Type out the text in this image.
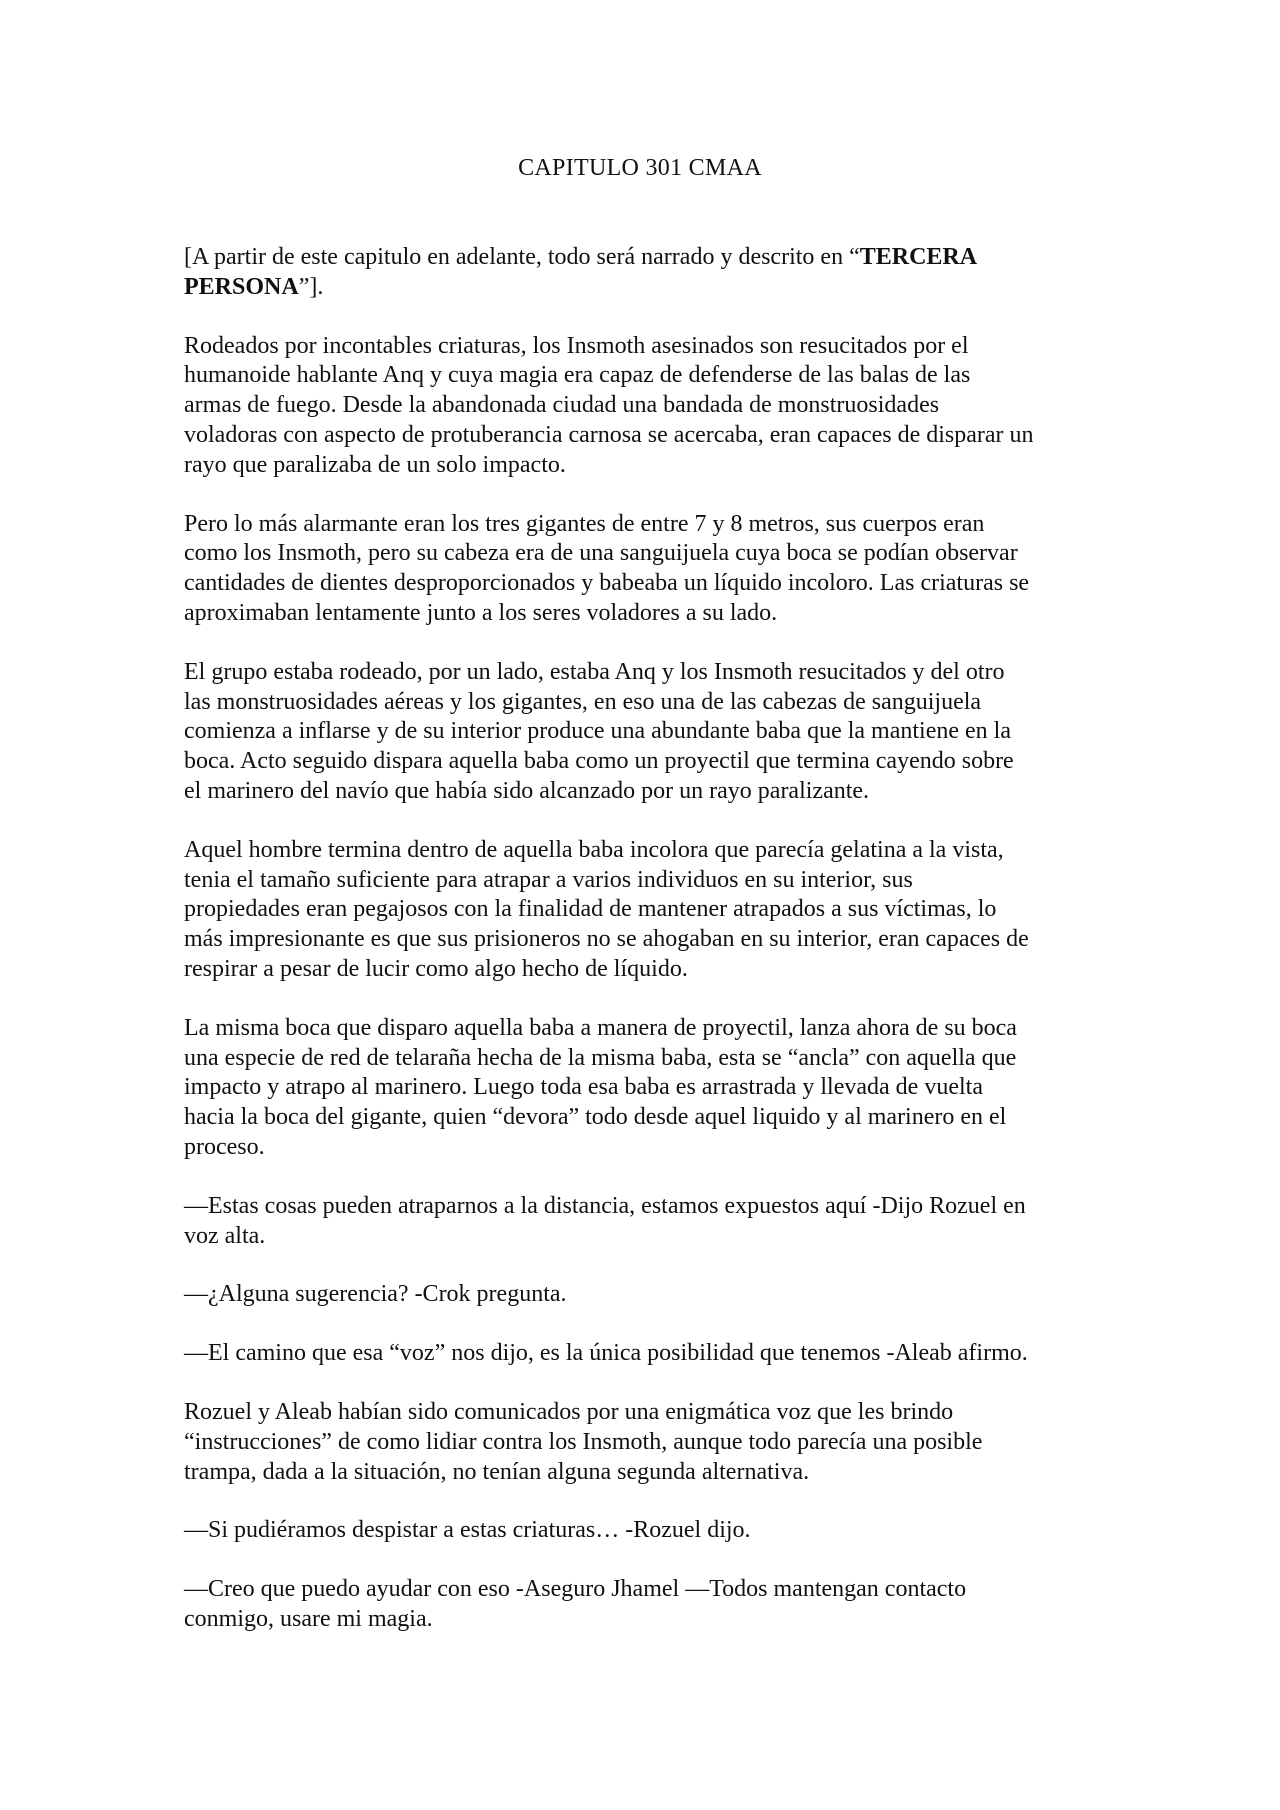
CAPITULO 301 CMAA

[A partir de este capitulo en adelante, todo será narrado y descrito en “TERCERA
PERSONA”].

Rodeados por incontables criaturas, los Insmoth asesinados son resucitados por el
humanoide hablante Anq y cuya magia era capaz de defenderse de las balas de las
armas de fuego. Desde la abandonada ciudad una bandada de monstruosidades
voladoras con aspecto de protuberancia carnosa se acercaba, eran capaces de disparar un
rayo que paralizaba de un solo impacto.

Pero lo más alarmante eran los tres gigantes de entre 7 y 8 metros, sus cuerpos eran
como los Insmoth, pero su cabeza era de una sanguijuela cuya boca se podían observar
cantidades de dientes desproporcionados y babeaba un líquido incoloro. Las criaturas se
aproximaban lentamente junto a los seres voladores a su lado.

El grupo estaba rodeado, por un lado, estaba Anq y los Insmoth resucitados y del otro
las monstruosidades aéreas y los gigantes, en eso una de las cabezas de sanguijuela
comienza a inflarse y de su interior produce una abundante baba que la mantiene en la
boca. Acto seguido dispara aquella baba como un proyectil que termina cayendo sobre
el marinero del navío que había sido alcanzado por un rayo paralizante.

Aquel hombre termina dentro de aquella baba incolora que parecía gelatina a la vista,
tenia el tamaño suficiente para atrapar a varios individuos en su interior, sus
propiedades eran pegajosos con la finalidad de mantener atrapados a sus víctimas, lo
más impresionante es que sus prisioneros no se ahogaban en su interior, eran capaces de
respirar a pesar de lucir como algo hecho de líquido.

La misma boca que disparo aquella baba a manera de proyectil, lanza ahora de su boca
una especie de red de telaraña hecha de la misma baba, esta se “ancla” con aquella que
impacto y atrapo al marinero. Luego toda esa baba es arrastrada y llevada de vuelta
hacia la boca del gigante, quien “devora” todo desde aquel liquido y al marinero en el
proceso.

—Estas cosas pueden atraparnos a la distancia, estamos expuestos aquí -Dijo Rozuel en
voz alta.

—¿Alguna sugerencia? -Crok pregunta.

—El camino que esa “voz” nos dijo, es la única posibilidad que tenemos -Aleab afirmo.

Rozuel y Aleab habían sido comunicados por una enigmática voz que les brindo
“instrucciones” de como lidiar contra los Insmoth, aunque todo parecía una posible
trampa, dada a la situación, no tenían alguna segunda alternativa.

—Si pudiéramos despistar a estas criaturas… -Rozuel dijo.

—Creo que puedo ayudar con eso -Aseguro Jhamel —Todos mantengan contacto
conmigo, usare mi magia.
